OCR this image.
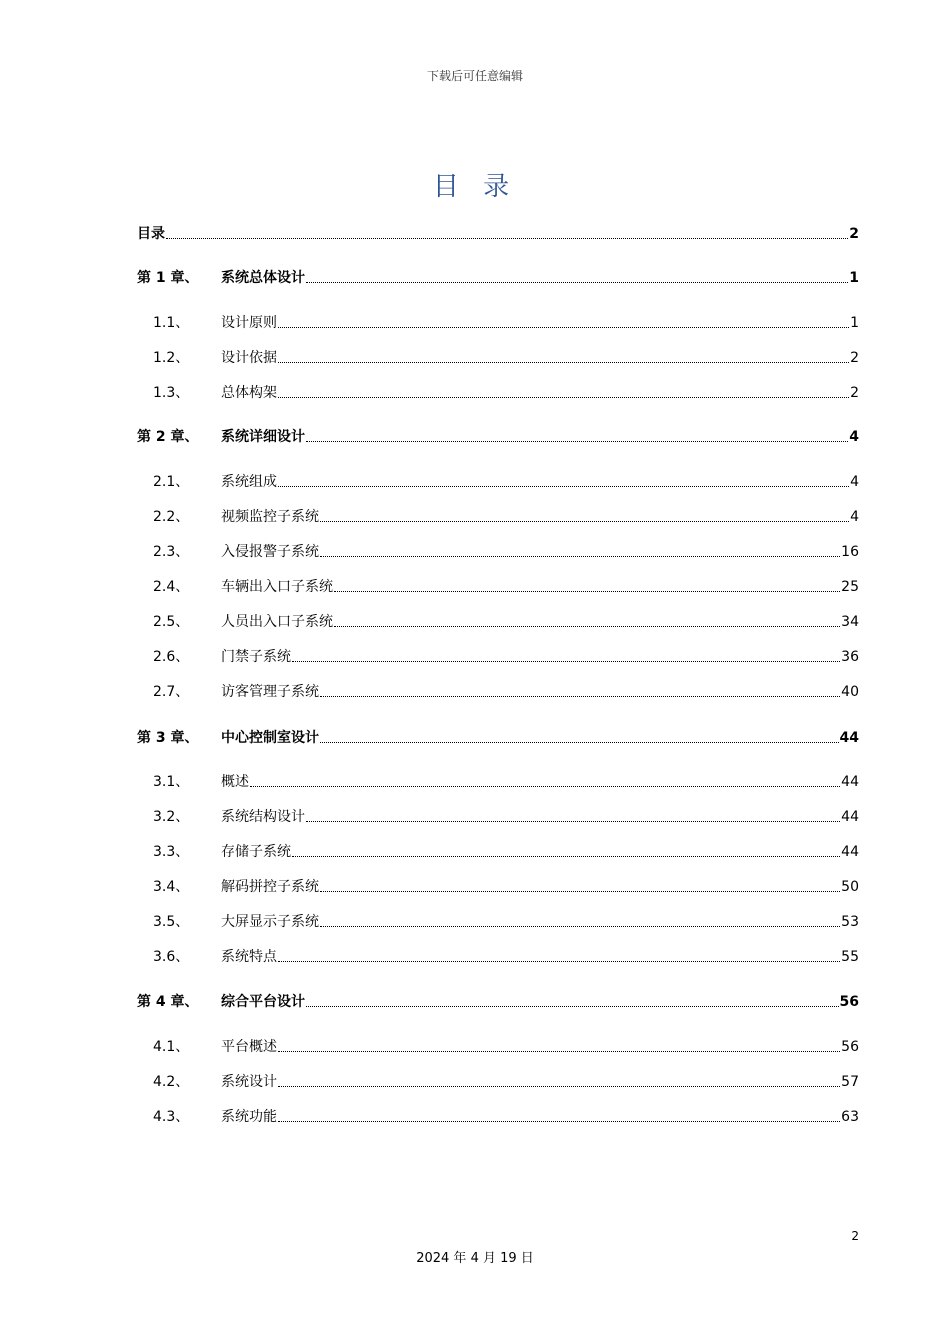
下载后可任意编辑
目 录
目录	2
第 1 章、	系统总体设计	1
1.1、	设计原则	1
1.2、	设计依据	2
1.3、	总体构架	2
第 2 章、	系统详细设计	4
2.1、	系统组成	4
2.2、	视频监控子系统	4
2.3、	入侵报警子系统	16
2.4、	车辆出入口子系统	25
2.5、	人员出入口子系统	34
2.6、	门禁子系统	36
2.7、	访客管理子系统	40
第 3 章、	中心控制室设计	44
3.1、	概述	44
3.2、	系统结构设计	44
3.3、	存储子系统	44
3.4、	解码拼控子系统	50
3.5、	大屏显示子系统	53
3.6、	系统特点	55
第 4 章、	综合平台设计	56
4.1、	平台概述	56
4.2、	系统设计	57
4.3、	系统功能	63
2
2024 年 4 月 19 日
